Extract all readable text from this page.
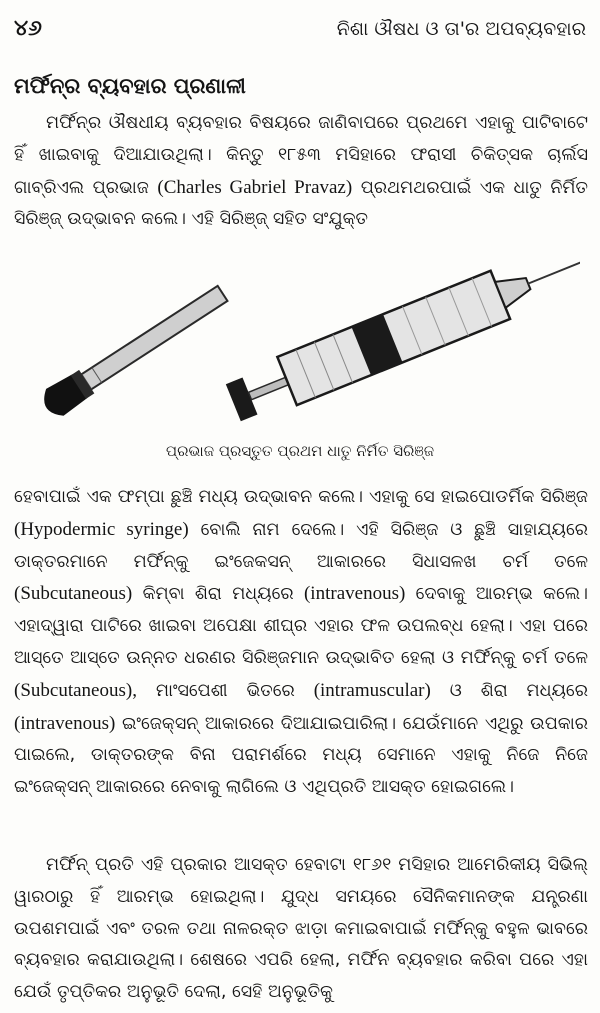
୪୬	ନିଶା ଔଷଧ ଓ ତା'ର ଅପବ୍ୟବହାର
ମର୍ଫିନ୍‌ର ବ୍ୟବହାର ପ୍ରଣାଳୀ

ମର୍ଫିନ୍‌ର ଔଷଧୀୟ ବ୍ୟବହାର ବିଷୟରେ ଜାଣିବାପରେ ପ୍ରଥମେ ଏହାକୁ ପାଟିବାଟେ ହିଁ ଖାଇବାକୁ ଦିଆଯାଉଥିଲା। କିନ୍ତୁ ୧୮୫୩ ମସିହାରେ ଫରାସୀ ଚିକିତ୍ସକ ଚାର୍ଲସ ଗାବ୍ରିଏଲ ପ୍ରଭାଜ (Charles Gabriel Pravaz) ପ୍ରଥମଥରପାଇଁ ଏକ ଧାତୁ ନିର୍ମିତ ସିରିଞ୍ଜ୍ ଉଦ୍‌ଭାବନ କଲେ। ଏହି ସିରିଞ୍ଜ୍ ସହିତ ସଂଯୁକ୍ତ

ପ୍ରଭାଜ ପ୍ରସ୍ତୁତ ପ୍ରଥମ ଧାତୁ ନିର୍ମିତ ସିରିଞ୍ଜ

ହେବାପାଇଁ ଏକ ଫମ୍ପା ଛୁଞ୍ଚି ମଧ୍ୟ ଉଦ୍‌ଭାବନ କଲେ। ଏହାକୁ ସେ ହାଇପୋଡର୍ମିକ ସିରିଞ୍ଜ (Hypodermic syringe) ବୋଲି ନାମ ଦେଲେ। ଏହି ସିରିଞ୍ଜ ଓ ଛୁଞ୍ଚି ସାହାଯ୍ୟରେ ଡାକ୍ତରମାନେ ମର୍ଫିନ୍‌କୁ ଇଂଜେକସନ୍ ଆକାରରେ ସିଧାସଳଖ ଚର୍ମ ତଳେ (Subcutaneous) କିମ୍ବା ଶିରା ମଧ୍ୟରେ (intravenous) ଦେବାକୁ ଆରମ୍ଭ କଲେ। ଏହାଦ୍ୱାରା ପାଟିରେ ଖାଇବା ଅପେକ୍ଷା ଶୀଘ୍ର ଏହାର ଫଳ ଉପଲବ୍ଧ ହେଲା। ଏହା ପରେ ଆସ୍ତେ ଆସ୍ତେ ଉନ୍ନତ ଧରଣର ସିରିଞ୍ଜମାନ ଉଦ୍‌ଭାବିତ ହେଲା ଓ ମର୍ଫିନ୍‌କୁ ଚର୍ମ ତଳେ (Subcutaneous), ମାଂସପେଶୀ ଭିତରେ (intramuscular) ଓ ଶିରା ମଧ୍ୟରେ (intravenous) ଇଂଜେକ୍‌ସନ୍ ଆକାରରେ ଦିଆଯାଇପାରିଲା। ଯେଉଁମାନେ ଏଥିରୁ ଉପକାର ପାଇଲେ, ଡାକ୍ତରଙ୍କ ବିନା ପରାମର୍ଶରେ ମଧ୍ୟ ସେମାନେ ଏହାକୁ ନିଜେ ନିଜେ ଇଂଜେକ୍‌ସନ୍ ଆକାରରେ ନେବାକୁ ଲାଗିଲେ ଓ ଏଥିପ୍ରତି ଆସକ୍ତ ହୋଇଗଲେ।

ମର୍ଫିନ୍ ପ୍ରତି ଏହି ପ୍ରକାର ଆସକ୍ତ ହେବାଟା ୧୮୬୧ ମସିହାର ଆମେରିକୀୟ ସିଭିଲ୍ ୱାରଠାରୁ ହିଁ ଆରମ୍ଭ ହୋଇଥିଲା। ଯୁଦ୍ଧ ସମୟରେ ସୈନିକମାନଙ୍କ ଯନ୍ତ୍ରଣା ଉପଶମପାଇଁ ଏବଂ ତରଳ ତଥା ନାଳରକ୍ତ ଝାଡ଼ା କମାଇବାପାଇଁ ମର୍ଫିନ୍‌କୁ ବହୁଳ ଭାବରେ ବ୍ୟବହାର କରାଯାଉଥିଲା। ଶେଷରେ ଏପରି ହେଲା, ମର୍ଫିନ ବ୍ୟବହାର କରିବା ପରେ ଏହା ଯେଉଁ ତୃପ୍ତିକର ଅନୁଭୂତି ଦେଲା, ସେହି ଅନୁଭୂତିକୁ
